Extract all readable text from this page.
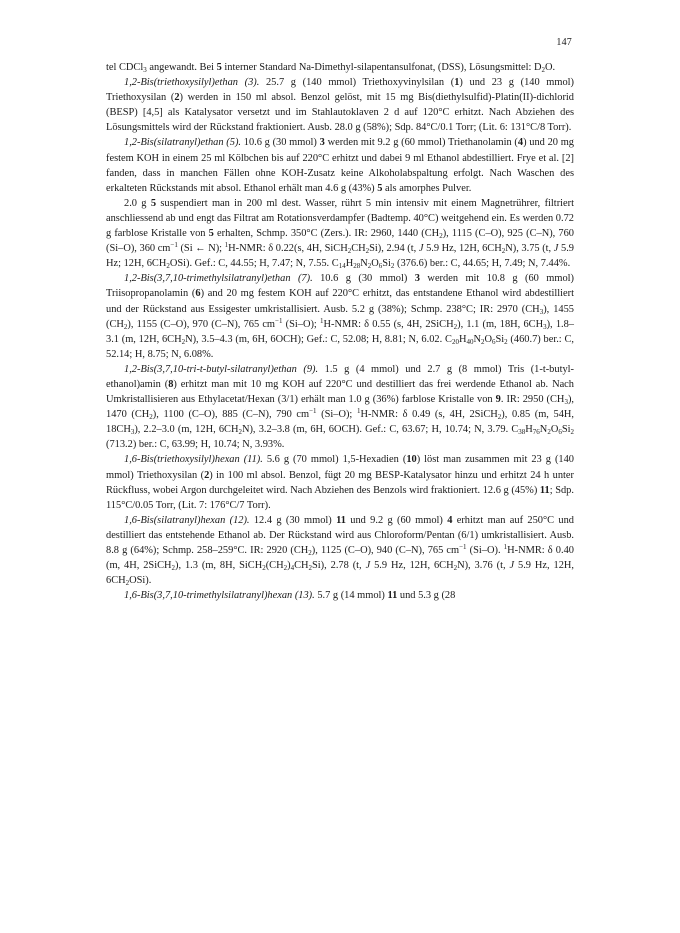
147

tel CDCl$_3$ angewandt. Bei 5 interner Standard Na-Dimethyl-silapentansulfonat, (DSS), Lösungsmittel: $D_2O$.

1,2-Bis(triethoxysilyl)ethan (3). 25.7 g (140 mmol) Triethoxyvinylsilan (1) und 23 g (140 mmol) Triethoxysilan (2) werden in 150 ml absol. Benzol gelöst, mit 15 mg Bis(diethylsulfid)-Platin(II)-dichlorid (BESP) [4,5] als Katalysator versetzt und im Stahlautoklaven 2 d auf 120°C erhitzt. Nach Abziehen des Lösungsmittels wird der Rückstand fraktioniert. Ausb. 28.0 g (58%); Sdp. 84°C/0.1 Torr; (Lit. 6: 131°C/8 Torr).

1,2-Bis(silatranyl)ethan (5). 10.6 g (30 mmol) 3 werden mit 9.2 g (60 mmol) Triethanolamin (4) und 20 mg festem KOH in einem 25 ml Kölbchen bis auf 220°C erhitzt und dabei 9 ml Ethanol abdestilliert. Frye et al. [2] fanden, dass in manchen Fällen ohne KOH-Zusatz keine Alkoholabspaltung erfolgt. Nach Waschen des erkalteten Rückstands mit absol. Ethanol erhält man 4.6 g (43%) 5 als amorphes Pulver.

2.0 g 5 suspendiert man in 200 ml dest. Wasser, rührt 5 min intensiv mit einem Magnetrührer, filtriert anschliessend ab und engt das Filtrat am Rotationsverdampfer (Badtemp. 40°C) weitgehend ein. Es werden 0.72 g farblose Kristalle von 5 erhalten, Schmp. 350°C (Zers.). IR: 2960, 1440 $(CH_2)$, 1115 (C–O), 925 (C–N), 760 (Si–O), 360 $cm^{-1}$ (Si ← N); $^1$H-NMR: δ 0.22(s, 4H, $SiCH_2CH_2Si$), 2.94 (t, J 5.9 Hz, 12H, $6CH_2N$), 3.75 (t, J 5.9 Hz; 12H, $6CH_2OSi$). Gef.: C, 44.55; H, 7.47; N, 7.55. $C_{14}H_{28}N_2O_6Si_2$ (376.6) ber.: C, 44.65; H, 7.49; N, 7.44%.

1,2-Bis(3,7,10-trimethylsilatranyl)ethan (7). 10.6 g (30 mmol) 3 werden mit 10.8 g (60 mmol) Triisopropanolamin (6) and 20 mg festem KOH auf 220°C erhitzt, das entstandene Ethanol wird abdestilliert und der Rückstand aus Essigester umkristallisiert. Ausb. 5.2 g (38%); Schmp. 238°C; IR: 2970 $(CH_3)$, 1455 $(CH_2)$, 1155 (C–O), 970 (C–N), 765 $cm^{-1}$ (Si–O); $^1$H-NMR: δ 0.55 (s, 4H, 2SiCH$_2$), 1.1 (m, 18H, $6CH_3$), 1.8–3.1 (m, 12H, $6CH_2N$), 3.5–4.3 (m, 6H, 6OCH); Gef.: C, 52.08; H, 8.81; N, 6.02. $C_{20}H_{40}N_2O_6Si_2$ (460.7) ber.: C, 52.14; H, 8.75; N, 6.08%.

1,2-Bis(3,7,10-tri-t-butyl-silatranyl)ethan (9). 1.5 g (4 mmol) und 2.7 g (8 mmol) Tris (1-t-butyl-ethanol)amin (8) erhitzt man mit 10 mg KOH auf 220°C und destilliert das frei werdende Ethanol ab. Nach Umkristallisieren aus Ethylacetat/Hexan (3/1) erhält man 1.0 g (36%) farblose Kristalle von 9. IR: 2950 $(CH_3)$, 1470 $(CH_2)$, 1100 (C–O), 885 (C–N), 790 $cm^{-1}$ (Si–O); $^1$H-NMR: δ 0.49 (s, 4H, 2SiCH$_2$), 0.85 (m, 54H, $18CH_3$), 2.2–3.0 (m, 12H, $6CH_2N$), 3.2–3.8 (m, 6H, 6OCH). Gef.: C, 63.67; H, 10.74; N, 3.79. $C_{38}H_{76}N_2O_6Si_2$ (713.2) ber.: C, 63.99; H, 10.74; N, 3.93%.

1,6-Bis(triethoxysilyl)hexan (11). 5.6 g (70 mmol) 1,5-Hexadien (10) löst man zusammen mit 23 g (140 mmol) Triethoxysilan (2) in 100 ml absol. Benzol, fügt 20 mg BESP-Katalysator hinzu und erhitzt 24 h unter Rückfluss, wobei Argon durchgeleitet wird. Nach Abziehen des Benzols wird fraktioniert. 12.6 g (45%) 11; Sdp. 115°C/0.05 Torr, (Lit. 7: 176°C/7 Torr).

1,6-Bis(silatranyl)hexan (12). 12.4 g (30 mmol) 11 und 9.2 g (60 mmol) 4 erhitzt man auf 250°C und destilliert das entstehende Ethanol ab. Der Rückstand wird aus Chloroform/Pentan (6/1) umkristallisiert. Ausb. 8.8 g (64%); Schmp. 258–259°C. IR: 2920 $(CH_2)$, 1125 (C–O), 940 (C–N), 765 $cm^{-1}$ (Si–O). $^1$H-NMR: δ 0.40 (m, 4H, 2SiCH$_2$), 1.3 (m, 8H, $SiCH_2(CH_2)_4CH_2Si$), 2.78 (t, J 5.9 Hz, 12H, $6CH_2N$), 3.76 (t, J 5.9 Hz, 12H, $6CH_2OSi$).

1,6-Bis(3,7,10-trimethylsilatranyl)hexan (13). 5.7 g (14 mmol) 11 und 5.3 g (28
